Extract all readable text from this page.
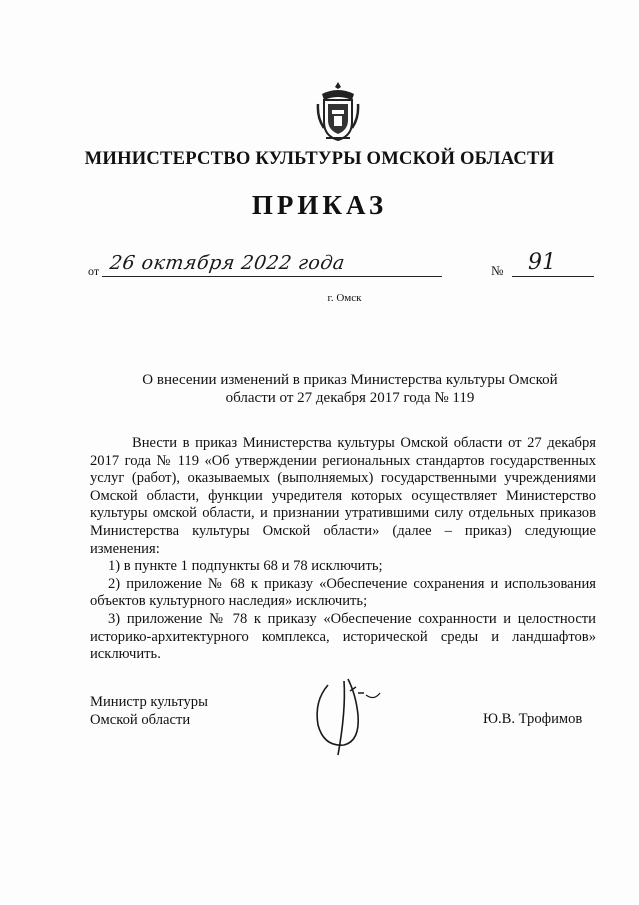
МИНИСТЕРСТВО КУЛЬТУРЫ ОМСКОЙ ОБЛАСТИ
ПРИКАЗ
от 26 октября 2022 года	№ 91
г. Омск
О внесении изменений в приказ Министерства культуры Омской области от 27 декабря 2017 года № 119

Внести в приказ Министерства культуры Омской области от 27 декабря 2017 года № 119 «Об утверждении региональных стандартов государственных услуг (работ), оказываемых (выполняемых) государственными учреждениями Омской области, функции учредителя которых осуществляет Министерство культуры омской области, и признании утратившими силу отдельных приказов Министерства культуры Омской области» (далее – приказ) следующие изменения:

1) в пункте 1 подпункты 68 и 78 исключить;

2) приложение № 68 к приказу «Обеспечение сохранения и использования объектов культурного наследия» исключить;

3) приложение № 78 к приказу «Обеспечение сохранности и целостности историко-архитектурного комплекса, исторической среды и ландшафтов» исключить.

Министр культуры
Омской области	Ю.В. Трофимов
